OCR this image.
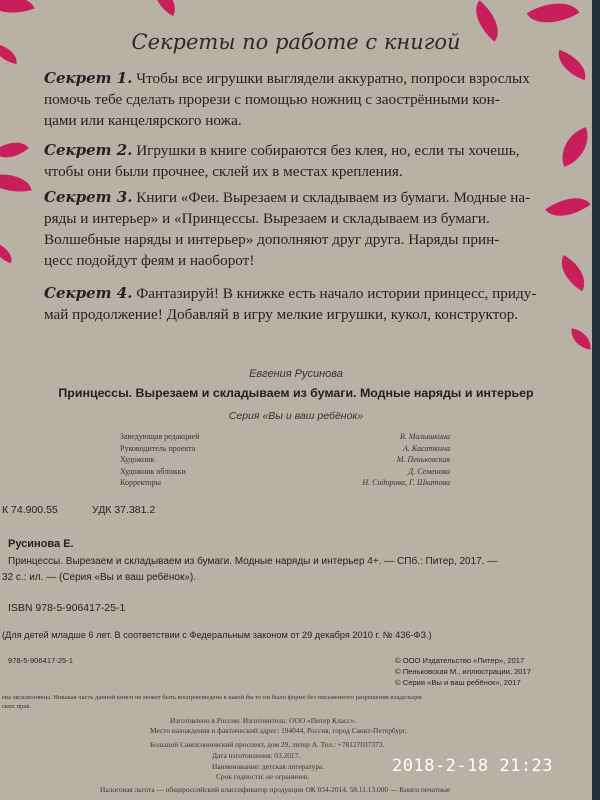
Секреты по работе с книгой

Секрет 1. Чтобы все игрушки выглядели аккуратно, попроси взрослых
помочь тебе сделать прорези с помощью ножниц с заострёнными кон-
цами или канцелярского ножа.

Секрет 2. Игрушки в книге собираются без клея, но, если ты хочешь,
чтобы они были прочнее, склей их в местах крепления.

Секрет 3. Книги «Феи. Вырезаем и складываем из бумаги. Модные на-
ряды и интерьер» и «Принцессы. Вырезаем и складываем из бумаги.
Волшебные наряды и интерьер» дополняют друг друга. Наряды прин-
цесс подойдут феям и наоборот!

Секрет 4. Фантазируй! В книжке есть начало истории принцесс, приду-
май продолжение! Добавляй в игру мелкие игрушки, кукол, конструктор.

Евгения Русинова
Принцессы. Вырезаем и складываем из бумаги. Модные наряды и интерьер
Серия «Вы и ваш ребёнок»
Заведующая редакцией	В. Малышкина
Руководитель проекта	А. Касаткина
Художник	М. Пеньковская
Художник обложки	Д. Семенова
Корректоры	Н. Сидорова, Г. Шкатова
К 74.900.55	УДК 37.381.2
Русинова Е.
Принцессы. Вырезаем и складываем из бумаги. Модные наряды и интерьер 4+. — СПб.: Питер, 2017. —
32 с.: ил. — (Серия «Вы и ваш ребёнок»).
ISBN 978-5-906417-25-1
(Для детей младше 6 лет. В соответствии с Федеральным законом от 29 декабря 2010 г. № 436-ФЗ.)
978-5-906417-25-1	© ООО Издательство «Питер», 2017
© Пеньковская М., иллюстрации, 2017
© Серия «Вы и ваш ребёнок», 2017
ева эксклюзивны. Никакая часть данной книги не может быть воспроизведена в какой бы то ни было форме без письменного разрешения владельцев
ских прав.
Изготовлено в России. Изготовитель: ООО «Питер Класс».
Место нахождения и фактический адрес: 194044, Россия, город Санкт-Петербург,
Большой Сампсониевский проспект, дом 29, литер А. Тел.: +78127037373.
Дата изготовления: 03.2017.
Наименование: детская литература.
Срок годности: не ограничен.
Налоговая льгота — общероссийский классификатор продукции ОК 034-2014, 58.11.13.000 — Книги печатные
2018-2-18 21:23
